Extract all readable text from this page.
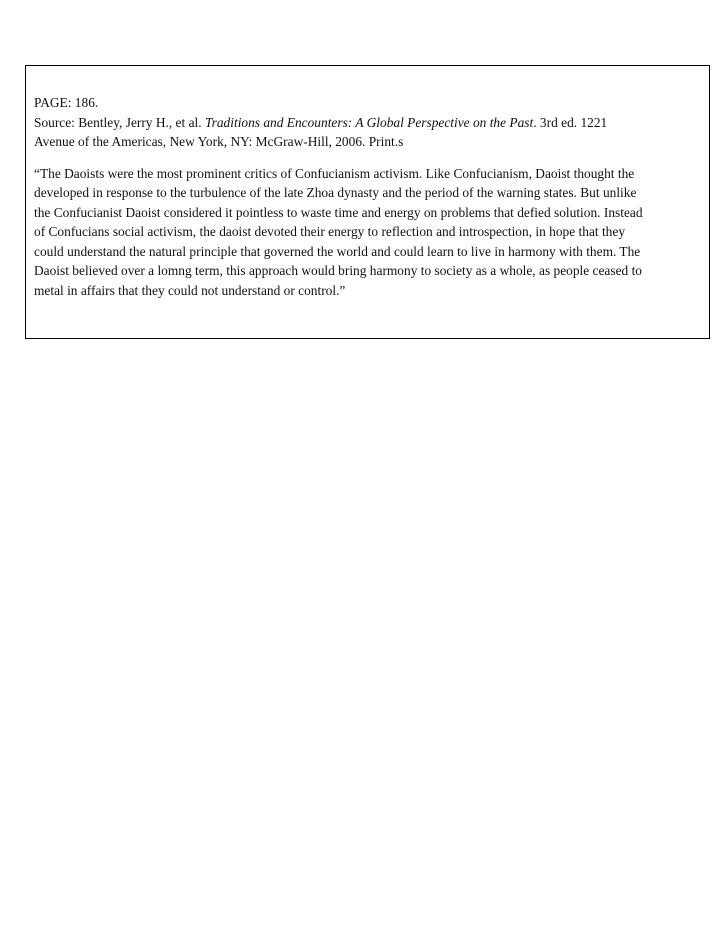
PAGE: 186.
Source: Bentley, Jerry H., et al. Traditions and Encounters: A Global Perspective on the Past. 3rd ed. 1221
Avenue of the Americas, New York, NY: McGraw-Hill, 2006. Print.s
“The Daoists were the most prominent critics of Confucianism activism. Like Confucianism, Daoist thought the
developed in response to the turbulence of the late Zhoa dynasty and the period of the warning states. But unlike
the Confucianist Daoist considered it pointless to waste time and energy on problems that defied solution. Instead
of Confucians social activism, the daoist devoted their energy to reflection and introspection, in hope that they
could understand the natural principle that governed the world and could learn to live in harmony with them. The
Daoist believed over a lomng term, this approach would bring harmony to society as a whole, as people ceased to
metal in affairs that they could not understand or control.”
